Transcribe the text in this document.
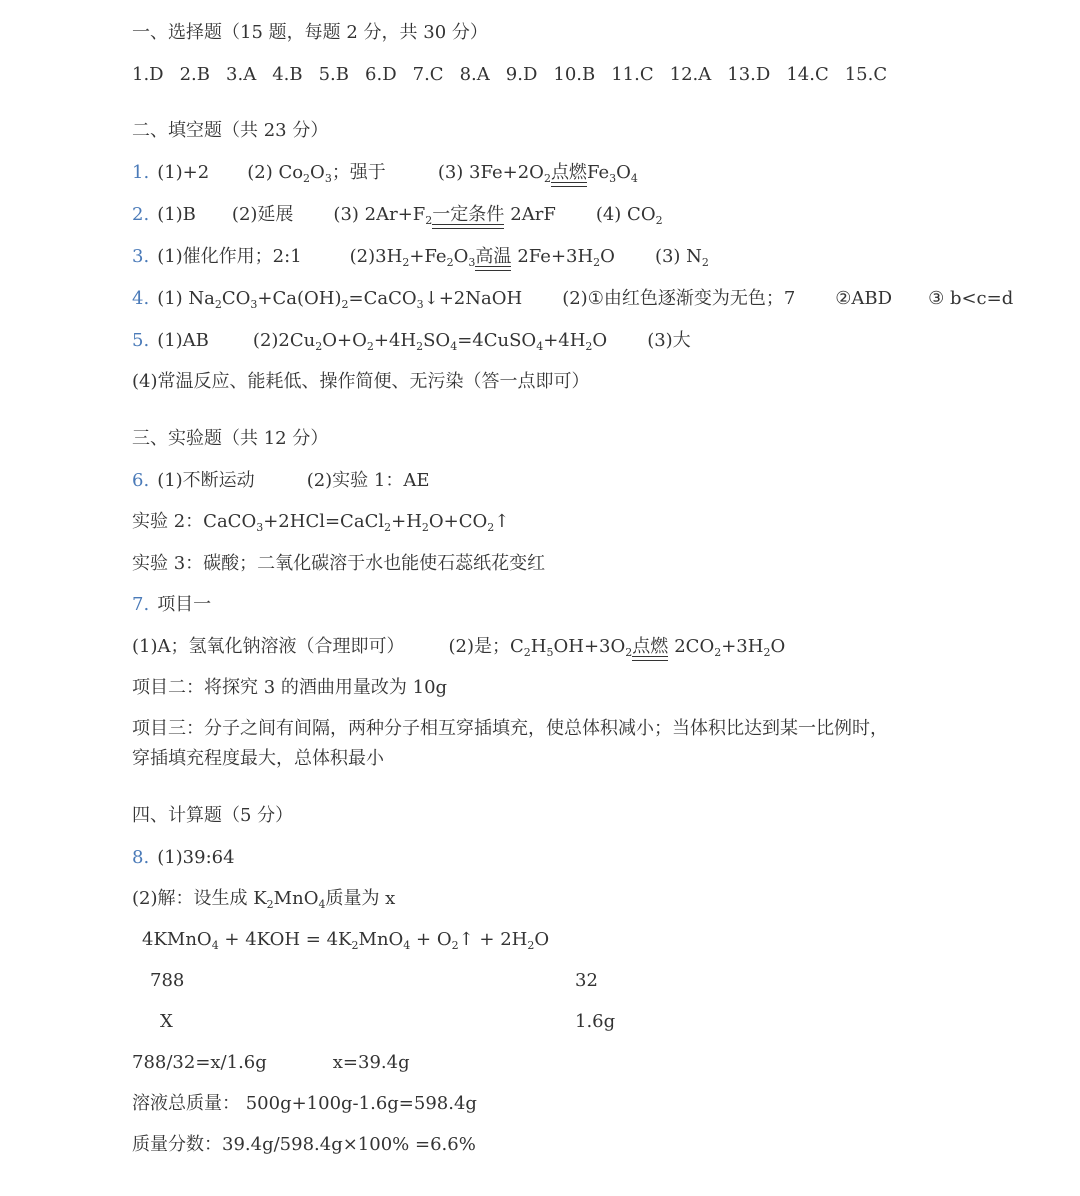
一、选择题（15 题，每题 2 分，共 30 分）
1.D 2.B 3.A 4.B 5.B 6.D 7.C 8.A 9.D 10.B 11.C 12.A 13.D 14.C 15.C
二、填空题（共 23 分）
1. (1)+2 (2) $Co_2O_3$；强于	(3) $3Fe+2O_2$点燃$Fe_3O_4$
2. (1)B (2)延展 (3) $2Ar+F_2$一定条件 2ArF (4) $CO_2$
3. (1)催化作用；2:1	$(2)3H_2+Fe_2O_3$高温 $2Fe+3H_2O$ (3) $N_2$
4. (1) $Na_2CO_3+Ca(OH)_2=CaCO_3↓+2NaOH$ (2)①由红色逐渐变为无色；7 ②ABD ③ b<c=d
5. (1)AB $(2)2Cu_2O+O_2+4H_2SO_4=4CuSO_4+4H_2O$ (3)大
(4)常温反应、能耗低、操作简便、无污染（答一点即可）
三、实验题（共 12 分）
6. (1)不断运动	(2)实验 1：AE
实验 2：$CaCO_3+2HCl=CaCl_2+H_2O+CO_2↑$
实验 3：碳酸；二氧化碳溶于水也能使石蕊纸花变红
7. 项目一
(1)A；氢氧化钠溶液（合理即可） (2)是；$C_2H_5OH+3O_2$点燃 $2CO_2+3H_2O$
项目二：将探究 3 的酒曲用量改为 10g
项目三：分子之间有间隔，两种分子相互穿插填充，使总体积减小；当体积比达到某一比例时，
穿插填充程度最大，总体积最小
四、计算题（5 分）
8. (1)39:64
(2)解：设生成 $K_2MnO_4$质量为 x
4KMnO$_4$ + $4KOH = 4K_2MnO_4$ + $O_2↑ + 2H_2O$
788	32
X	1.6g
788/32=x/1.6g	x=39.4g
溶液总质量： 500g+100g-1.6g=598.4g
质量分数：39.4g/598.4g×100% =6.6%
